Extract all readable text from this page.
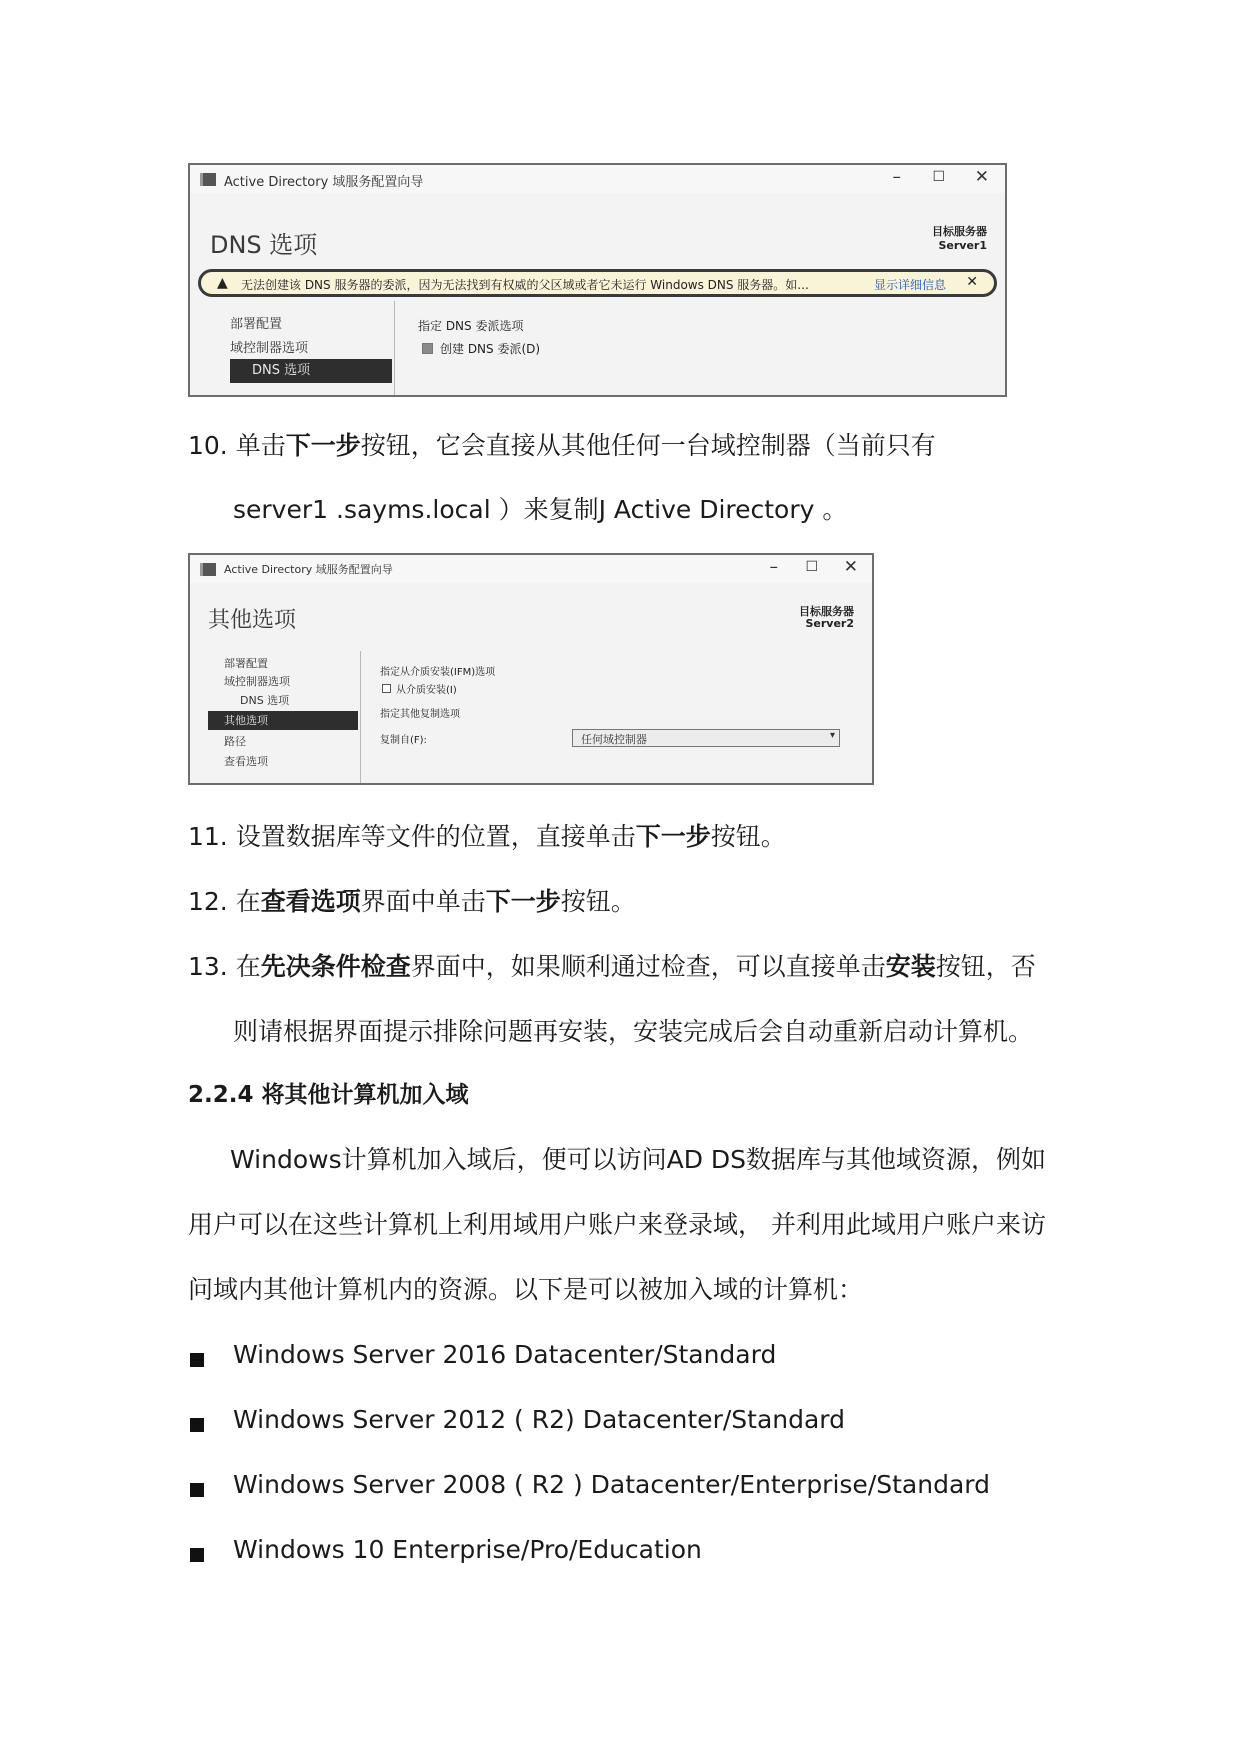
Active Directory 域服务配置向导	– ☐ ✕
DNS 选项	目标服务器
Server1
▲ 无法创建该 DNS 服务器的委派，因为无法找到有权威的父区域或者它未运行 Windows DNS 服务器。如...	显示详细信息 ✕
部署配置
域控制器选项
DNS 选项
指定 DNS 委派选项
创建 DNS 委派(D)
10. 单击下一步按钮，它会直接从其他任何一台域控制器（当前只有
server1 .sayms.local ）来复制J Active Directory 。
Active Directory 域服务配置向导	– ☐ ✕
其他选项	目标服务器
Server2
部署配置
域控制器选项
DNS 选项
其他选项
路径
查看选项
指定从介质安装(IFM)选项
从介质安装(I)
指定其他复制选项
复制自(F):	任何域控制器	▾
11. 设置数据库等文件的位置，直接单击下一步按钮。
12. 在查看选项界面中单击下一步按钮。
13. 在先决条件检查界面中，如果顺利通过检查，可以直接单击安装按钮，否
则请根据界面提示排除问题再安装，安装完成后会自动重新启动计算机。
2.2.4 将其他计算机加入域
Windows计算机加入域后，便可以访问AD DS数据库与其他域资源，例如
用户可以在这些计算机上利用域用户账户来登录域， 并利用此域用户账户来访
问域内其他计算机内的资源。以下是可以被加入域的计算机：
Windows Server 2016 Datacenter/Standard
Windows Server 2012 ( R2) Datacenter/Standard
Windows Server 2008 ( R2 ) Datacenter/Enterprise/Standard
Windows 10 Enterprise/Pro/Education
